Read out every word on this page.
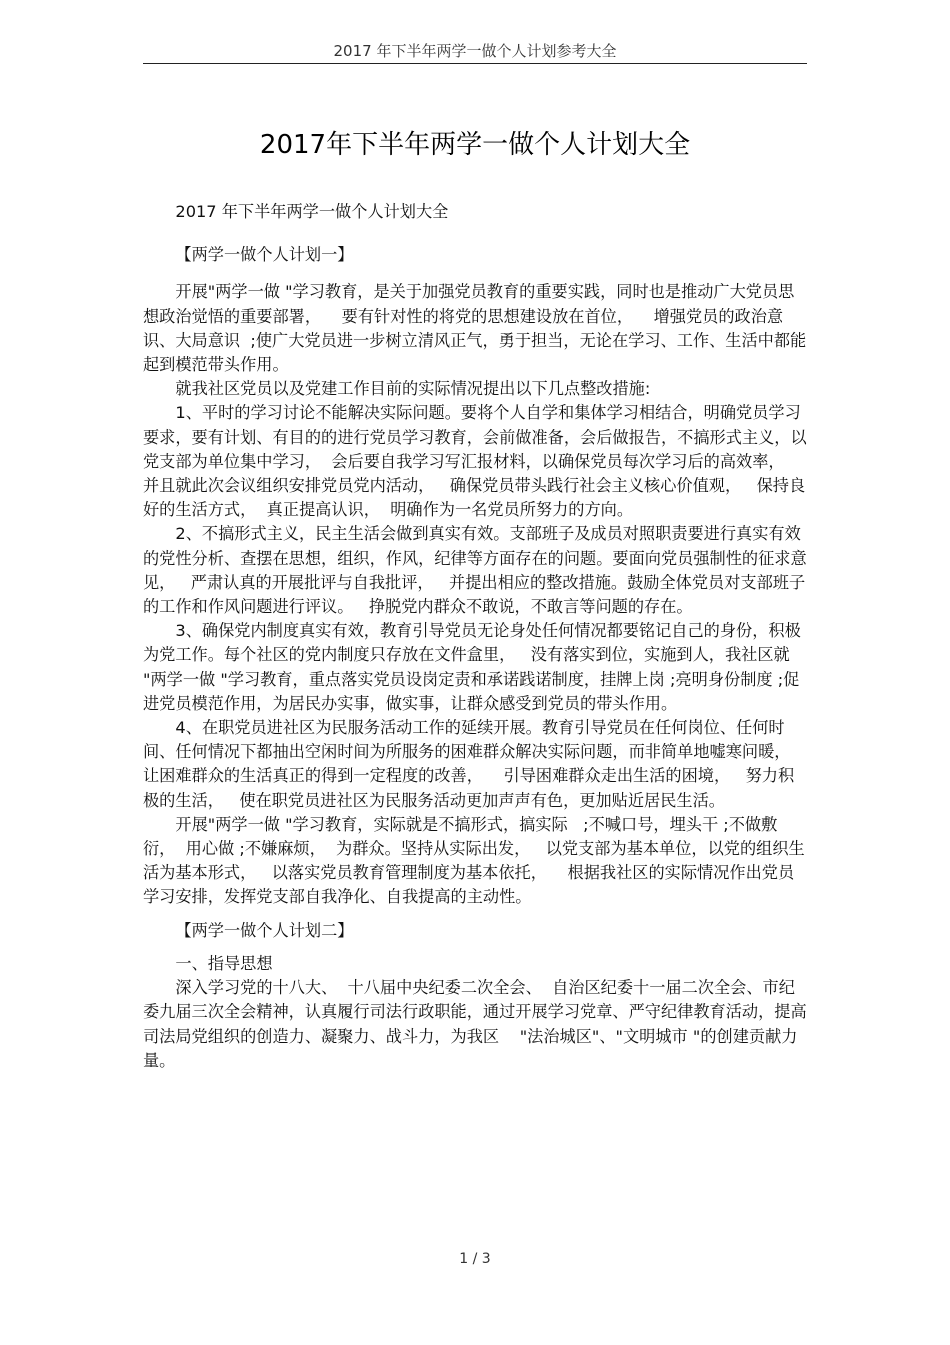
2017 年下半年两学一做个人计划参考大全
2017年下半年两学一做个人计划大全

2017 年下半年两学一做个人计划大全

【两学一做个人计划一】

开展"两学一做 "学习教育，是关于加强党员教育的重要实践，同时也是推动广大党员思想政治觉悟的重要部署，    要有针对性的将党的思想建设放在首位，    增强党员的政治意识、大局意识  ;使广大党员进一步树立清风正气，勇于担当，无论在学习、工作、生活中都能起到模范带头作用。

就我社区党员以及党建工作目前的实际情况提出以下几点整改措施:

1、平时的学习讨论不能解决实际问题。要将个人自学和集体学习相结合，明确党员学习要求，要有计划、有目的的进行党员学习教育，会前做准备，会后做报告，不搞形式主义，以党支部为单位集中学习，  会后要自我学习写汇报材料，以确保党员每次学习后的高效率，   并且就此次会议组织安排党员党内活动，   确保党员带头践行社会主义核心价值观，   保持良好的生活方式，  真正提高认识，  明确作为一名党员所努力的方向。

2、不搞形式主义，民主生活会做到真实有效。支部班子及成员对照职责要进行真实有效的党性分析、查摆在思想，组织，作风，纪律等方面存在的问题。要面向党员强制性的征求意见，   严肃认真的开展批评与自我批评，   并提出相应的整改措施。鼓励全体党员对支部班子的工作和作风问题进行评议。   挣脱党内群众不敢说，不敢言等问题的存在。

3、确保党内制度真实有效，教育引导党员无论身处任何情况都要铭记自己的身份，积极为党工作。每个社区的党内制度只存放在文件盒里，   没有落实到位，实施到人，我社区就  "两学一做 "学习教育，重点落实党员设岗定责和承诺践诺制度，挂牌上岗 ;亮明身份制度 ;促进党员模范作用，为居民办实事，做实事，让群众感受到党员的带头作用。

4、在职党员进社区为民服务活动工作的延续开展。教育引导党员在任何岗位、任何时间、任何情况下都抽出空闲时间为所服务的困难群众解决实际问题，而非简单地嘘寒问暖，  让困难群众的生活真正的得到一定程度的改善，    引导困难群众走出生活的困境，   努力积极的生活，   使在职党员进社区为民服务活动更加声声有色，更加贴近居民生活。

开展"两学一做 "学习教育，实际就是不搞形式，搞实际   ;不喊口号，埋头干 ;不做敷衍，  用心做 ;不嫌麻烦，  为群众。坚持从实际出发，   以党支部为基本单位，以党的组织生活为基本形式，   以落实党员教育管理制度为基本依托，    根据我社区的实际情况作出党员学习安排，发挥党支部自我净化、自我提高的主动性。

【两学一做个人计划二】

一、指导思想

深入学习党的十八大、  十八届中央纪委二次全会、  自治区纪委十一届二次全会、市纪委九届三次全会精神，认真履行司法行政职能，通过开展学习党章、严守纪律教育活动，提高司法局党组织的创造力、凝聚力、战斗力，为我区    "法治城区"、"文明城市 "的创建贡献力量。

1 / 3
